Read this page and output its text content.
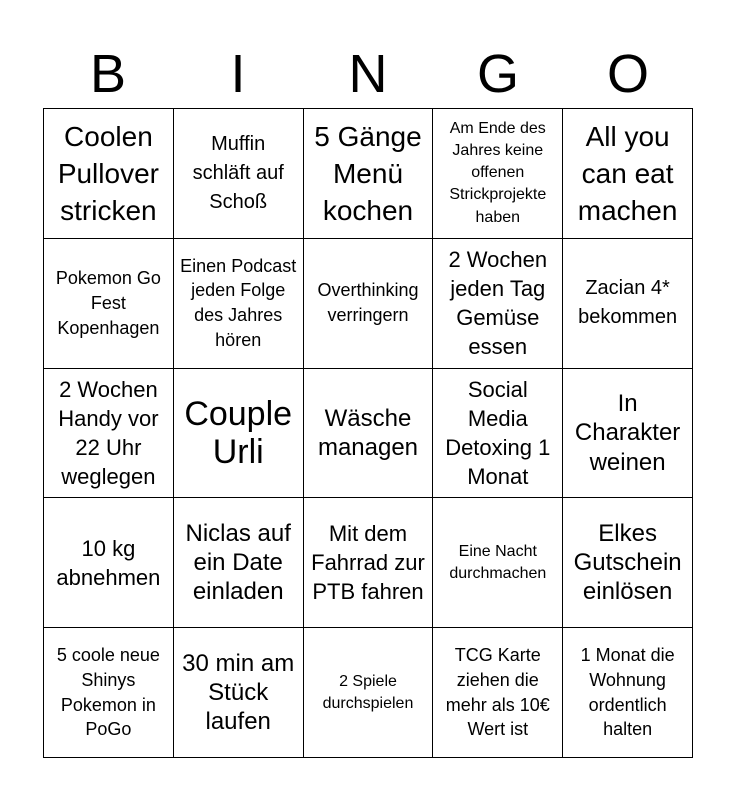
B	I	N	G	O
Coolen Pullover stricken
Muffin schläft auf Schoß
5 Gänge Menü kochen
Am Ende des Jahres keine offenen Strickprojekte haben
All you can eat machen
Pokemon Go Fest Kopenhagen
Einen Podcast jeden Folge des Jahres hören
Overthinking verringern
2 Wochen jeden Tag Gemüse essen
Zacian 4* bekommen
2 Wochen Handy vor 22 Uhr weglegen
Couple Urli
Wäsche managen
Social Media Detoxing 1 Monat
In Charakter weinen
10 kg abnehmen
Niclas auf ein Date einladen
Mit dem Fahrrad zur PTB fahren
Eine Nacht durchmachen
Elkes Gutschein einlösen
5 coole neue Shinys Pokemon in PoGo
30 min am Stück laufen
2 Spiele durchspielen
TCG Karte ziehen die mehr als 10€ Wert ist
1 Monat die Wohnung ordentlich halten
